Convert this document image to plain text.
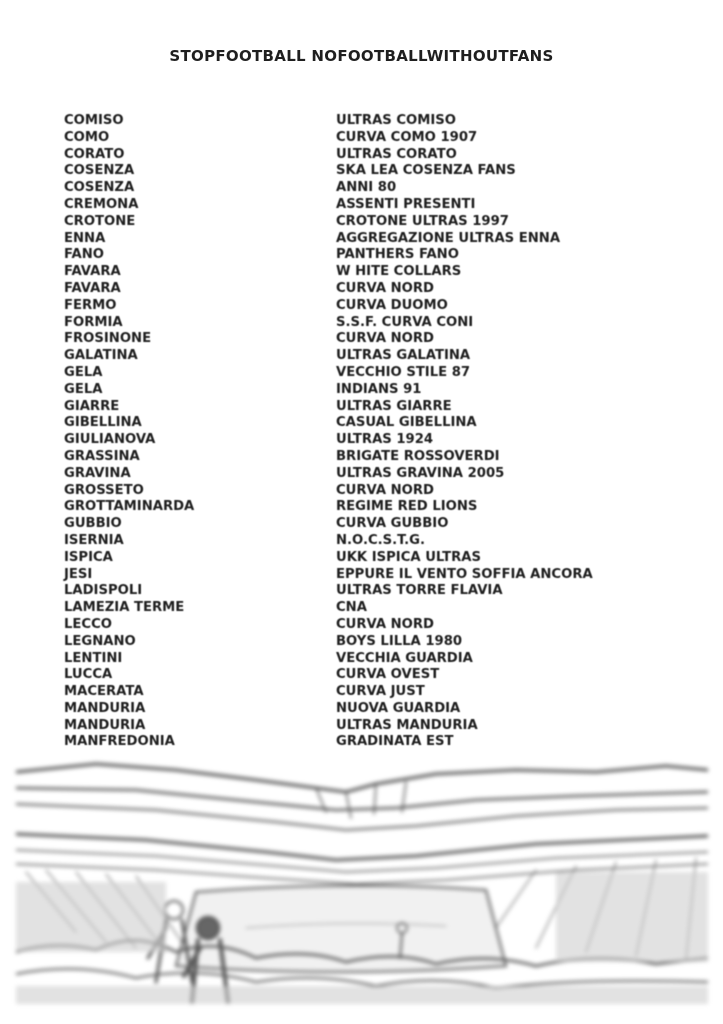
STOPFOOTBALL NOFOOTBALLWITHOUTFANS
COMISO	ULTRAS COMISO
COMO	CURVA COMO 1907
CORATO	ULTRAS CORATO
COSENZA	SKA LEA COSENZA FANS
COSENZA	ANNI 80
CREMONA	ASSENTI PRESENTI
CROTONE	CROTONE ULTRAS 1997
ENNA	AGGREGAZIONE ULTRAS ENNA
FANO	PANTHERS FANO
FAVARA	W HITE COLLARS
FAVARA	CURVA NORD
FERMO	CURVA DUOMO
FORMIA	S.S.F. CURVA CONI
FROSINONE	CURVA NORD
GALATINA	ULTRAS GALATINA
GELA	VECCHIO STILE 87
GELA	INDIANS 91
GIARRE	ULTRAS GIARRE
GIBELLINA	CASUAL GIBELLINA
GIULIANOVA	ULTRAS 1924
GRASSINA	BRIGATE ROSSOVERDI
GRAVINA	ULTRAS GRAVINA 2005
GROSSETO	CURVA NORD
GROTTAMINARDA	REGIME RED LIONS
GUBBIO	CURVA GUBBIO
ISERNIA	N.O.C.S.T.G.
ISPICA	UKK ISPICA ULTRAS
JESI	EPPURE IL VENTO SOFFIA ANCORA
LADISPOLI	ULTRAS TORRE FLAVIA
LAMEZIA TERME	CNA
LECCO	CURVA NORD
LEGNANO	BOYS LILLA 1980
LENTINI	VECCHIA GUARDIA
LUCCA	CURVA OVEST
MACERATA	CURVA JUST
MANDURIA	NUOVA GUARDIA
MANDURIA	ULTRAS MANDURIA
MANFREDONIA	GRADINATA EST
